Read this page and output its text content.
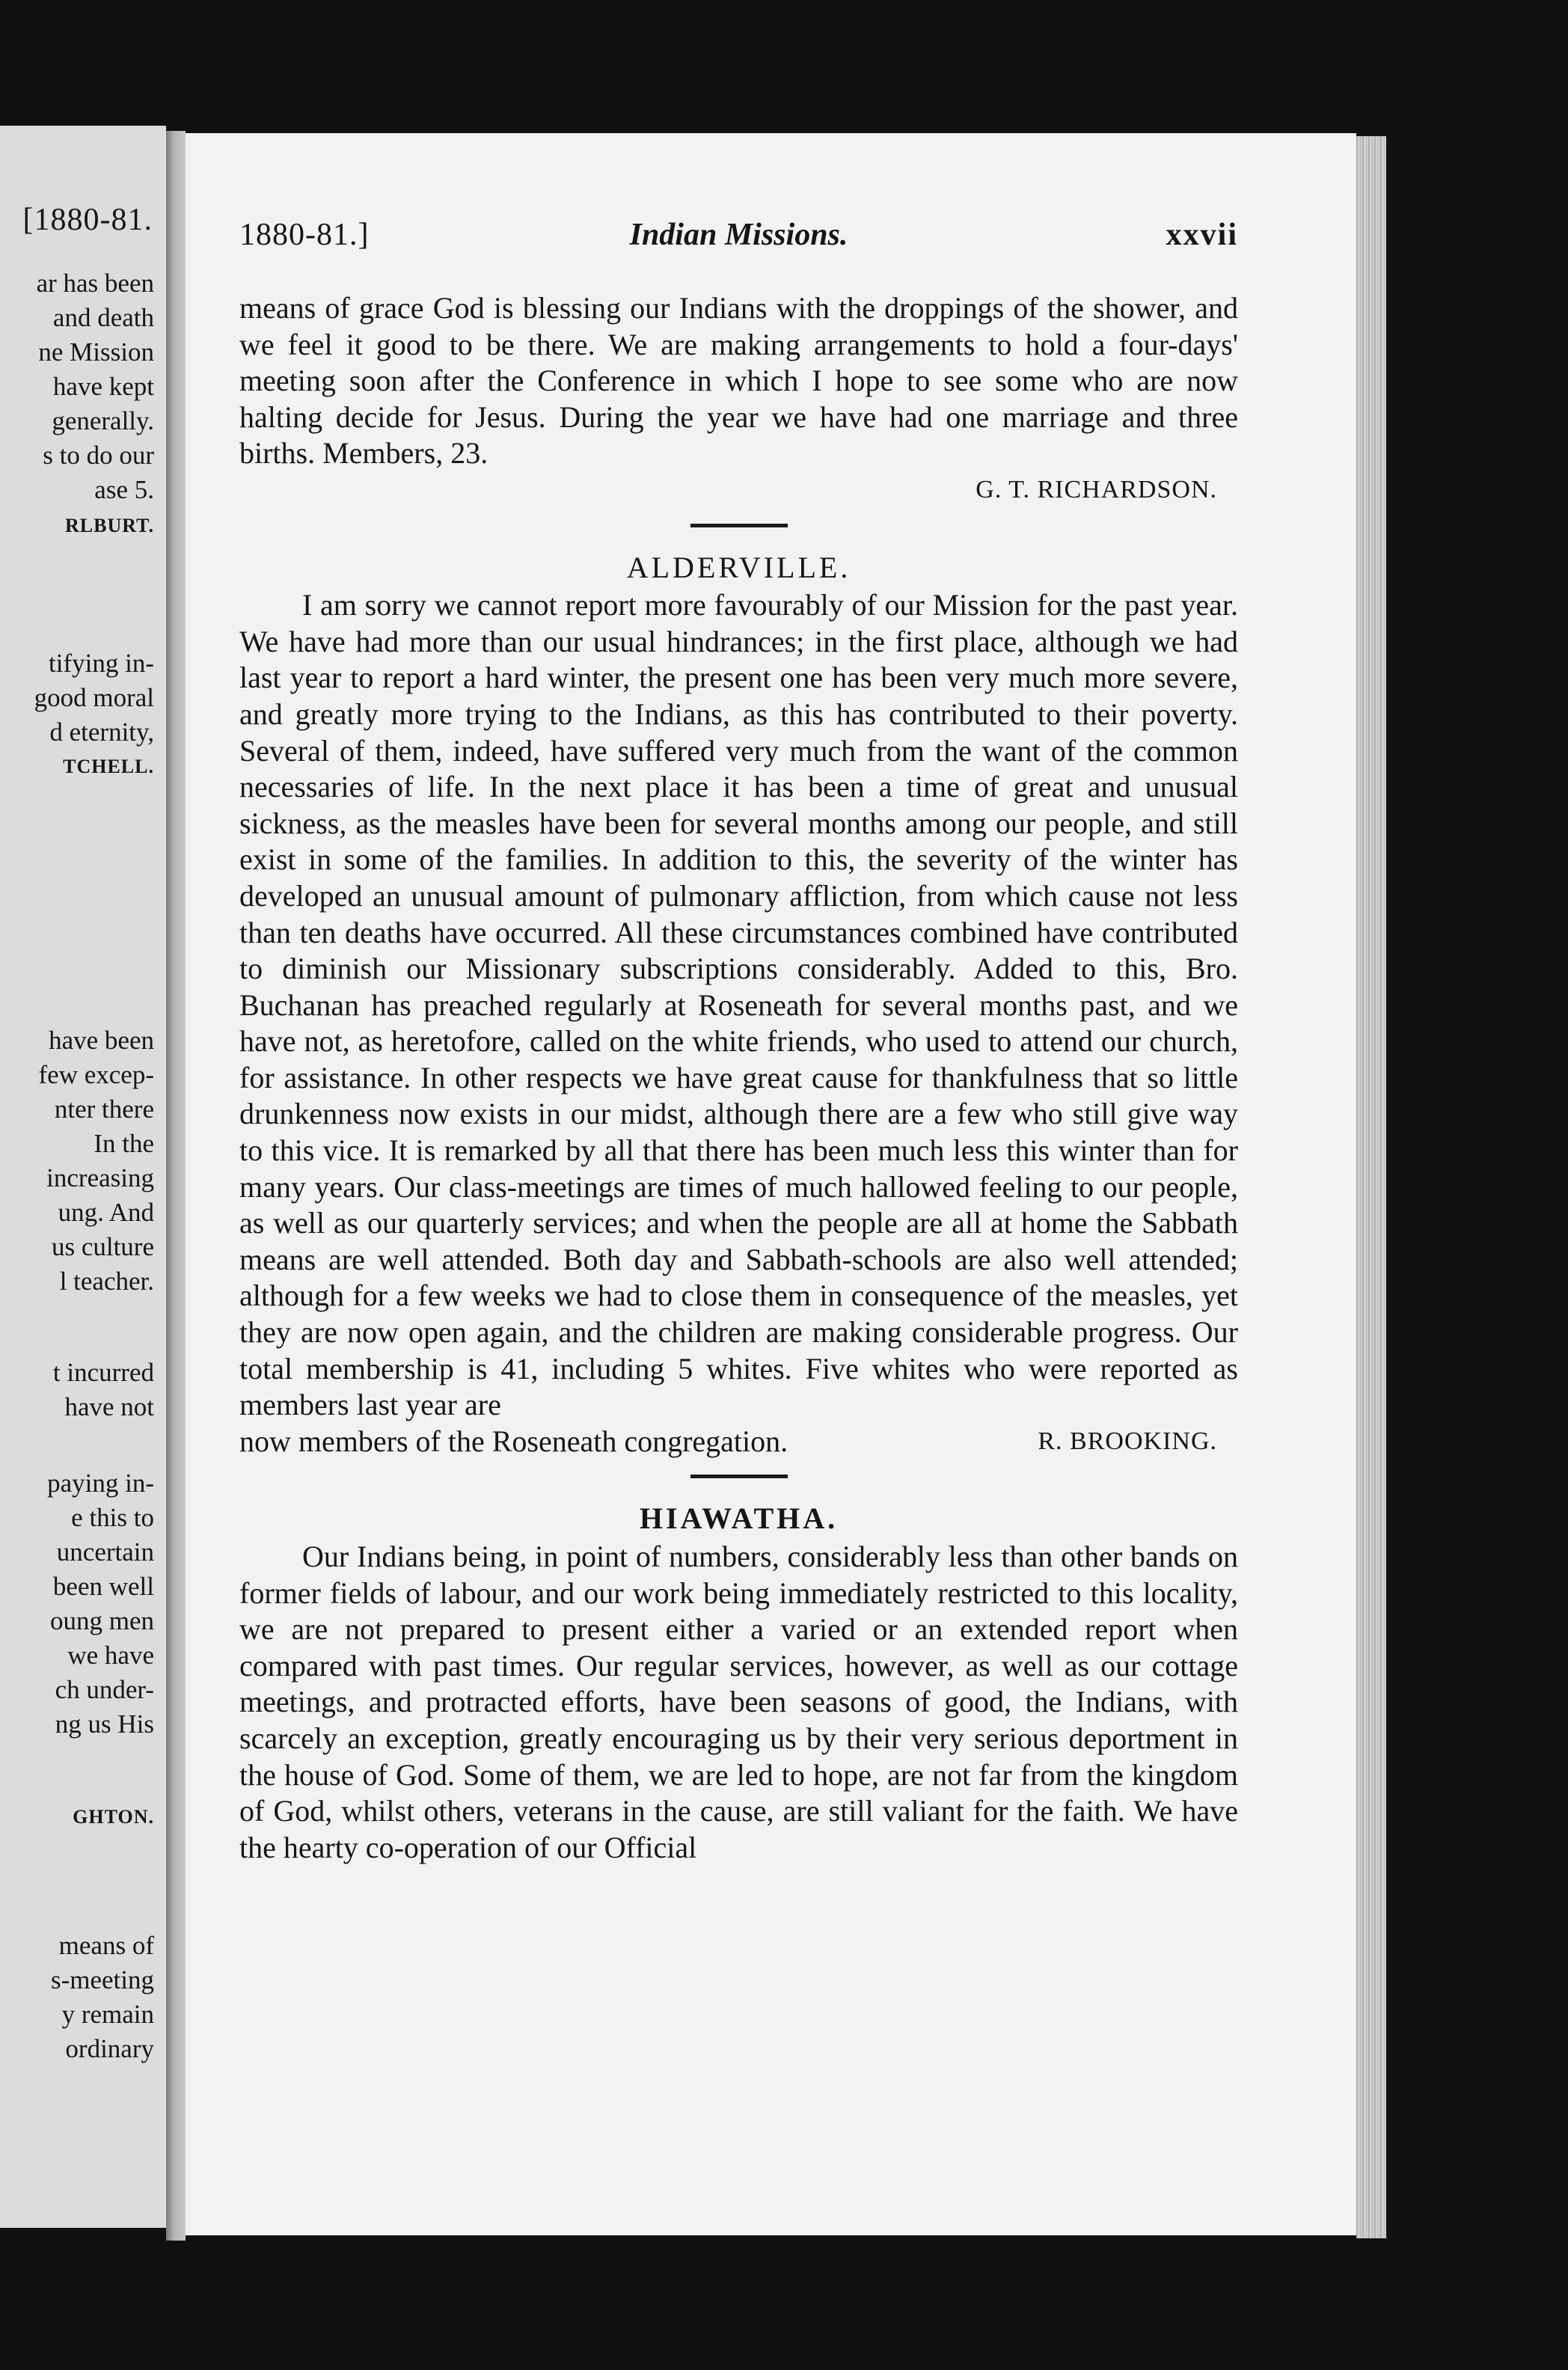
[1880-81.
ar has been
and death
ne Mission
have kept
generally.
s to do our
ase 5.
RLBURT.
tifying in-
good moral
d eternity,
TCHELL.
have been
few excep-
nter there
In the
increasing
ung. And
us culture
l teacher.
t incurred
have not
paying in-
e this to
uncertain
been well
oung men
we have
ch under-
ng us His
GHTON.
means of
s-meeting
y remain
ordinary
1880-81.]	Indian Missions.	xxvii

means of grace God is blessing our Indians with the droppings of the shower, and we feel it good to be there. We are making arrangements to hold a four-days' meeting soon after the Conference in which I hope to see some who are now halting decide for Jesus. During the year we have had one marriage and three births. Members, 23.

G. T. RICHARDSON.
ALDERVILLE.

I am sorry we cannot report more favourably of our Mission for the past year. We have had more than our usual hindrances; in the first place, although we had last year to report a hard winter, the present one has been very much more severe, and greatly more trying to the Indians, as this has contributed to their poverty. Several of them, indeed, have suffered very much from the want of the common necessaries of life. In the next place it has been a time of great and unusual sickness, as the measles have been for several months among our people, and still exist in some of the families. In addition to this, the severity of the winter has developed an unusual amount of pulmonary affliction, from which cause not less than ten deaths have occurred. All these circumstances combined have contributed to diminish our Missionary subscriptions considerably. Added to this, Bro. Buchanan has preached regularly at Roseneath for several months past, and we have not, as heretofore, called on the white friends, who used to attend our church, for assistance. In other respects we have great cause for thankfulness that so little drunkenness now exists in our midst, although there are a few who still give way to this vice. It is remarked by all that there has been much less this winter than for many years. Our class-meetings are times of much hallowed feeling to our people, as well as our quarterly services; and when the people are all at home the Sabbath means are well attended. Both day and Sabbath-schools are also well attended; although for a few weeks we had to close them in consequence of the measles, yet they are now open again, and the children are making considerable progress. Our total membership is 41, including 5 whites. Five whites who were reported as members last year are

now members of the Roseneath congregation.	R. BROOKING.
HIAWATHA.

Our Indians being, in point of numbers, considerably less than other bands on former fields of labour, and our work being immediately restricted to this locality, we are not prepared to present either a varied or an extended report when compared with past times. Our regular services, however, as well as our cottage meetings, and protracted efforts, have been seasons of good, the Indians, with scarcely an exception, greatly encouraging us by their very serious deportment in the house of God. Some of them, we are led to hope, are not far from the kingdom of God, whilst others, veterans in the cause, are still valiant for the faith. We have the hearty co-operation of our Official
